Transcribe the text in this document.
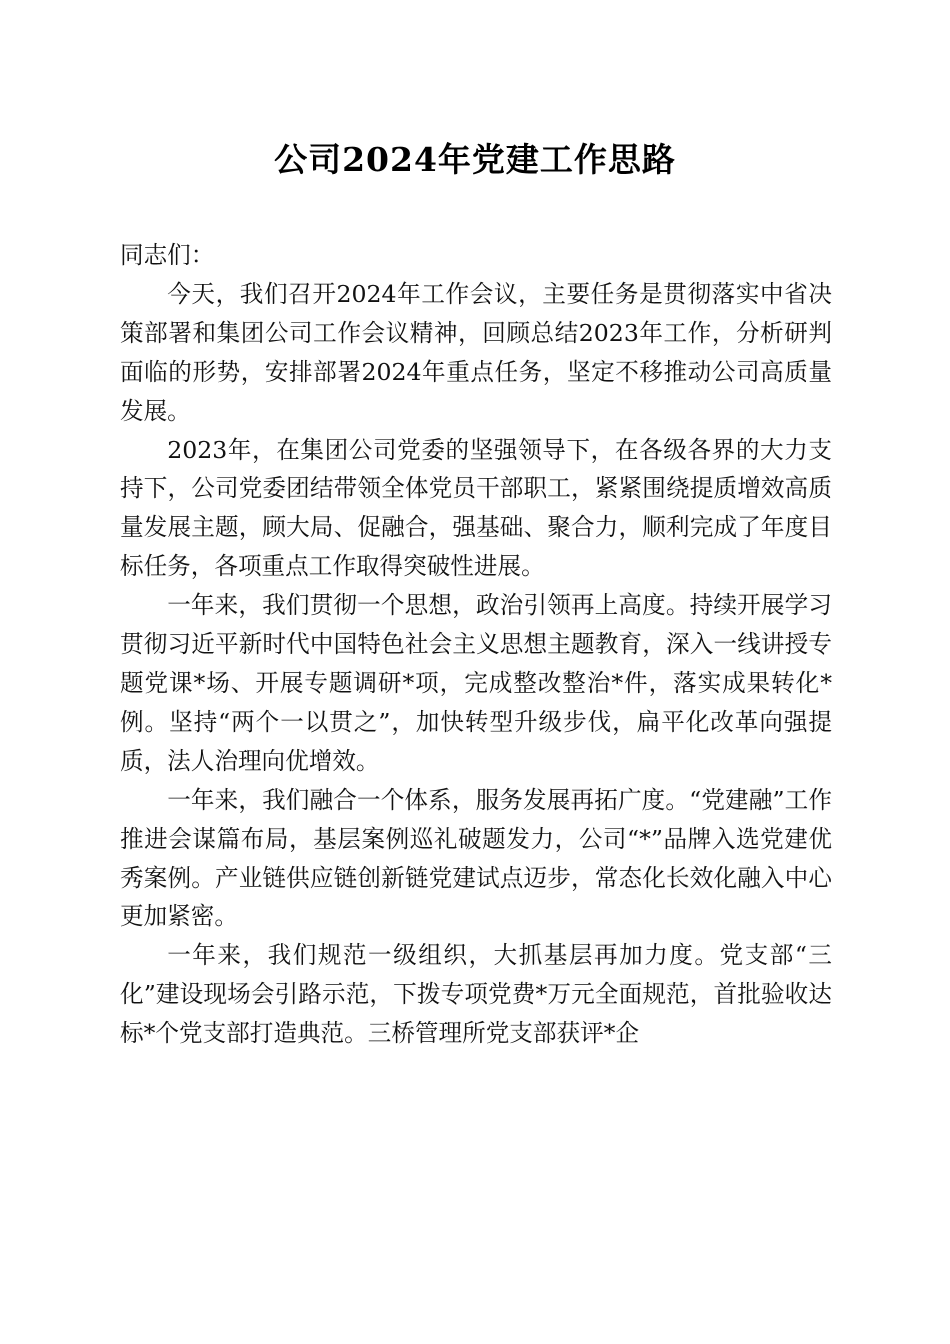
公司2024年党建工作思路

同志们：

今天，我们召开2024年工作会议，主要任务是贯彻落实中省决策部署和集团公司工作会议精神，回顾总结2023年工作，分析研判面临的形势，安排部署2024年重点任务，坚定不移推动公司高质量发展。

2023年，在集团公司党委的坚强领导下，在各级各界的大力支持下，公司党委团结带领全体党员干部职工，紧紧围绕提质增效高质量发展主题，顾大局、促融合，强基础、聚合力，顺利完成了年度目标任务，各项重点工作取得突破性进展。

一年来，我们贯彻一个思想，政治引领再上高度。持续开展学习贯彻习近平新时代中国特色社会主义思想主题教育，深入一线讲授专题党课*场、开展专题调研*项，完成整改整治*件，落实成果转化*例。坚持“两个一以贯之”，加快转型升级步伐，扁平化改革向强提质，法人治理向优增效。

一年来，我们融合一个体系，服务发展再拓广度。“党建融”工作推进会谋篇布局，基层案例巡礼破题发力，公司“*”品牌入选党建优秀案例。产业链供应链创新链党建试点迈步，常态化长效化融入中心更加紧密。

一年来，我们规范一级组织，大抓基层再加力度。党支部“三化”建设现场会引路示范，下拨专项党费*万元全面规范，首批验收达标*个党支部打造典范。三桥管理所党支部获评*企
